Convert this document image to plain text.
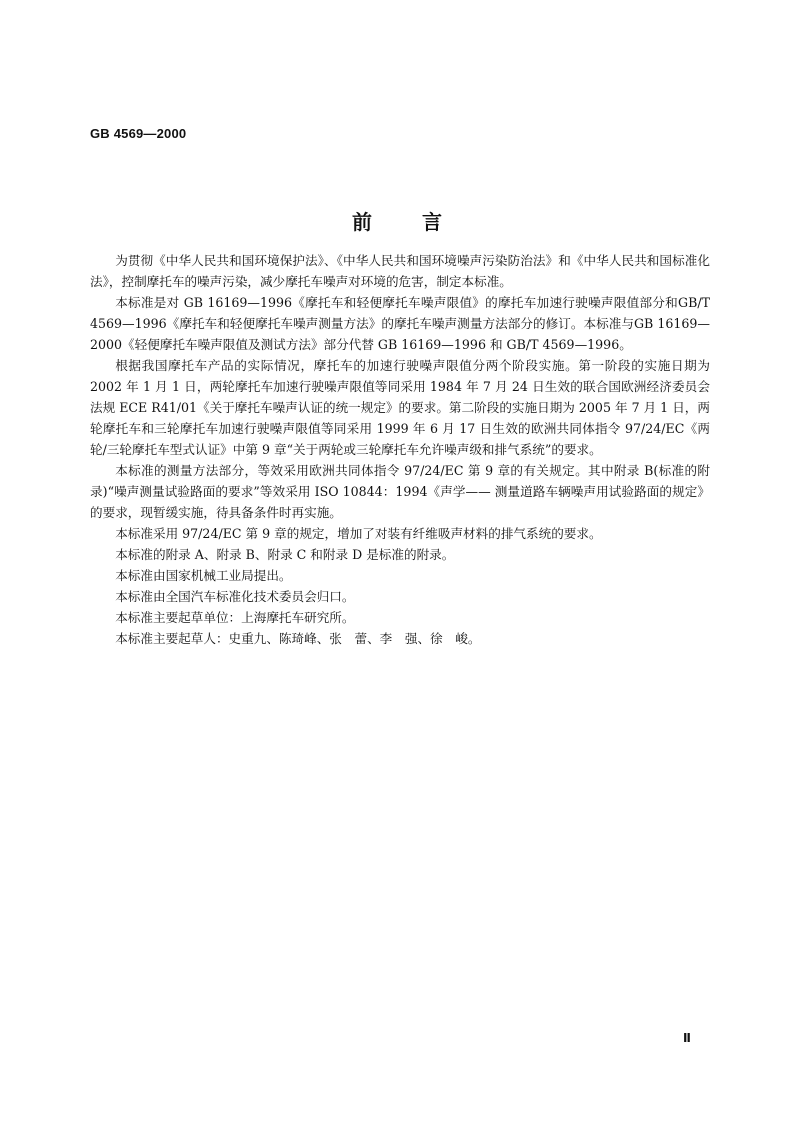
GB 4569—2000
前	言

为贯彻《中华人民共和国环境保护法》、《中华人民共和国环境噪声污染防治法》和《中华人民共和国标准化法》，控制摩托车的噪声污染，减少摩托车噪声对环境的危害，制定本标准。

本标准是对 GB 16169—1996《摩托车和轻便摩托车噪声限值》的摩托车加速行驶噪声限值部分和GB/T 4569—1996《摩托车和轻便摩托车噪声测量方法》的摩托车噪声测量方法部分的修订。本标准与GB 16169—2000《轻便摩托车噪声限值及测试方法》部分代替 GB 16169—1996 和 GB/T 4569—1996。

根据我国摩托车产品的实际情况，摩托车的加速行驶噪声限值分两个阶段实施。第一阶段的实施日期为 2002 年 1 月 1 日，两轮摩托车加速行驶噪声限值等同采用 1984 年 7 月 24 日生效的联合国欧洲经济委员会法规 ECE R41/01《关于摩托车噪声认证的统一规定》的要求。第二阶段的实施日期为 2005 年 7 月 1 日，两轮摩托车和三轮摩托车加速行驶噪声限值等同采用 1999 年 6 月 17 日生效的欧洲共同体指令 97/24/EC《两轮/三轮摩托车型式认证》中第 9 章“关于两轮或三轮摩托车允许噪声级和排气系统”的要求。

本标准的测量方法部分，等效采用欧洲共同体指令 97/24/EC 第 9 章的有关规定。其中附录 B(标准的附录)“噪声测量试验路面的要求”等效采用 ISO 10844：1994《声学—— 测量道路车辆噪声用试验路面的规定》的要求，现暂缓实施，待具备条件时再实施。

本标准采用 97/24/EC 第 9 章的规定，增加了对装有纤维吸声材料的排气系统的要求。

本标准的附录 A、附录 B、附录 C 和附录 D 是标准的附录。

本标准由国家机械工业局提出。

本标准由全国汽车标准化技术委员会归口。

本标准主要起草单位：上海摩托车研究所。

本标准主要起草人：史重九、陈琦峰、张　蕾、李　强、徐　峻。

Ⅱ
